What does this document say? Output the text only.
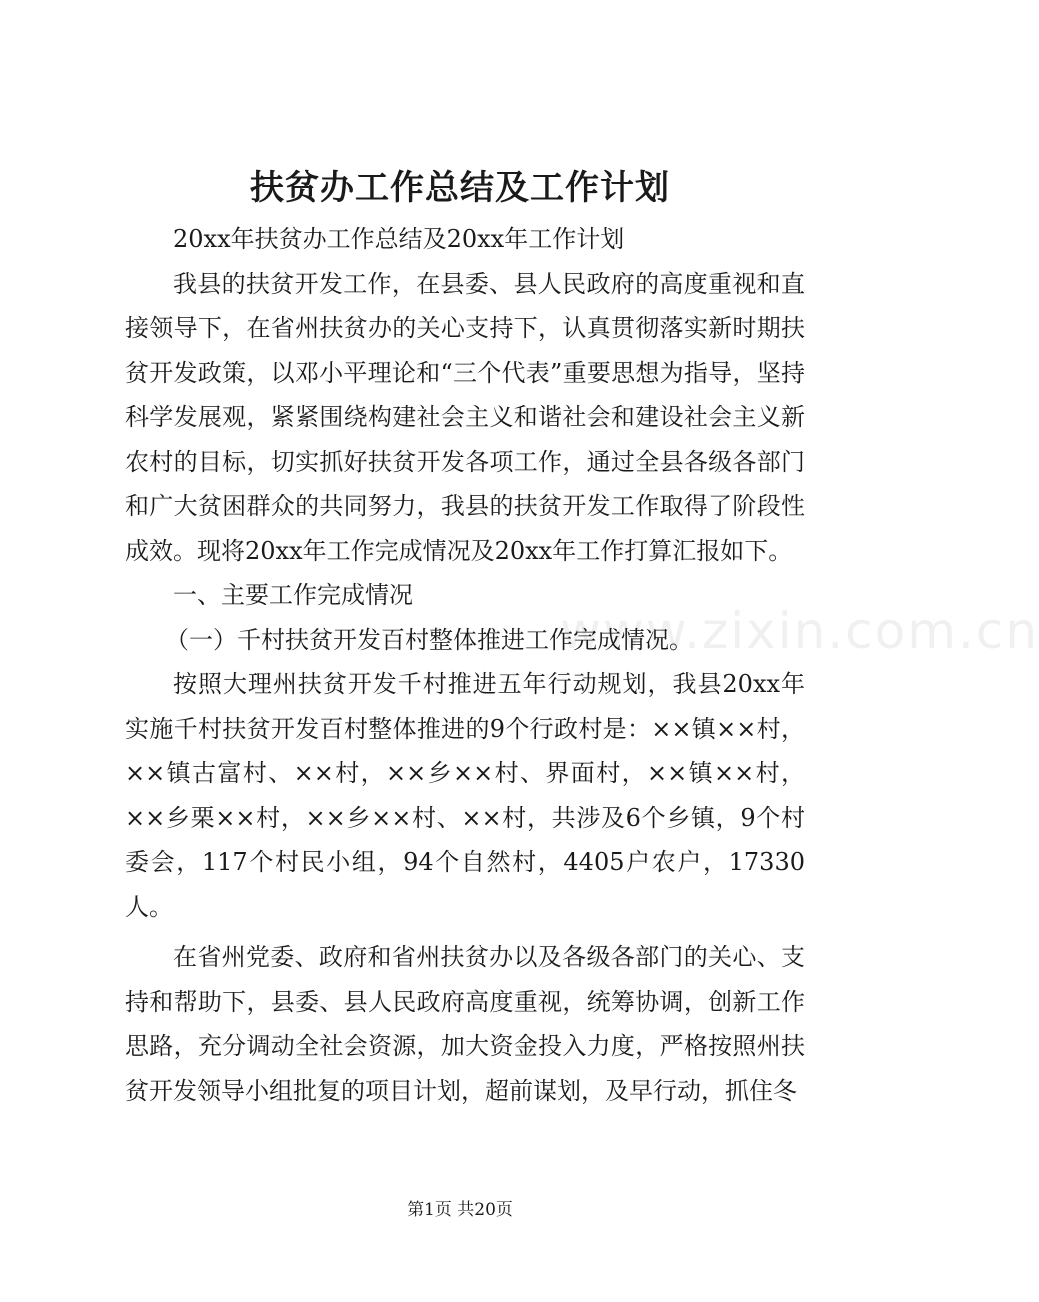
扶贫办工作总结及工作计划

20xx年扶贫办工作总结及20xx年工作计划

我县的扶贫开发工作，在县委、县人民政府的高度重视和直接领导下，在省州扶贫办的关心支持下，认真贯彻落实新时期扶贫开发政策，以邓小平理论和“三个代表”重要思想为指导，坚持科学发展观，紧紧围绕构建社会主义和谐社会和建设社会主义新农村的目标，切实抓好扶贫开发各项工作，通过全县各级各部门和广大贫困群众的共同努力，我县的扶贫开发工作取得了阶段性成效。现将20xx年工作完成情况及20xx年工作打算汇报如下。

一、主要工作完成情况

（一）千村扶贫开发百村整体推进工作完成情况。

按照大理州扶贫开发千村推进五年行动规划，我县20xx年实施千村扶贫开发百村整体推进的9个行政村是：××镇××村，××镇古富村、××村，××乡××村、界面村，××镇××村，××乡栗××村，××乡××村、××村，共涉及6个乡镇，9个村委会，117个村民小组，94个自然村，4405户农户，17330人。

在省州党委、政府和省州扶贫办以及各级各部门的关心、支持和帮助下，县委、县人民政府高度重视，统筹协调，创新工作思路，充分调动全社会资源，加大资金投入力度，严格按照州扶贫开发领导小组批复的项目计划，超前谋划，及早行动，抓住冬

www.zixin.com.cn
第1页 共20页
